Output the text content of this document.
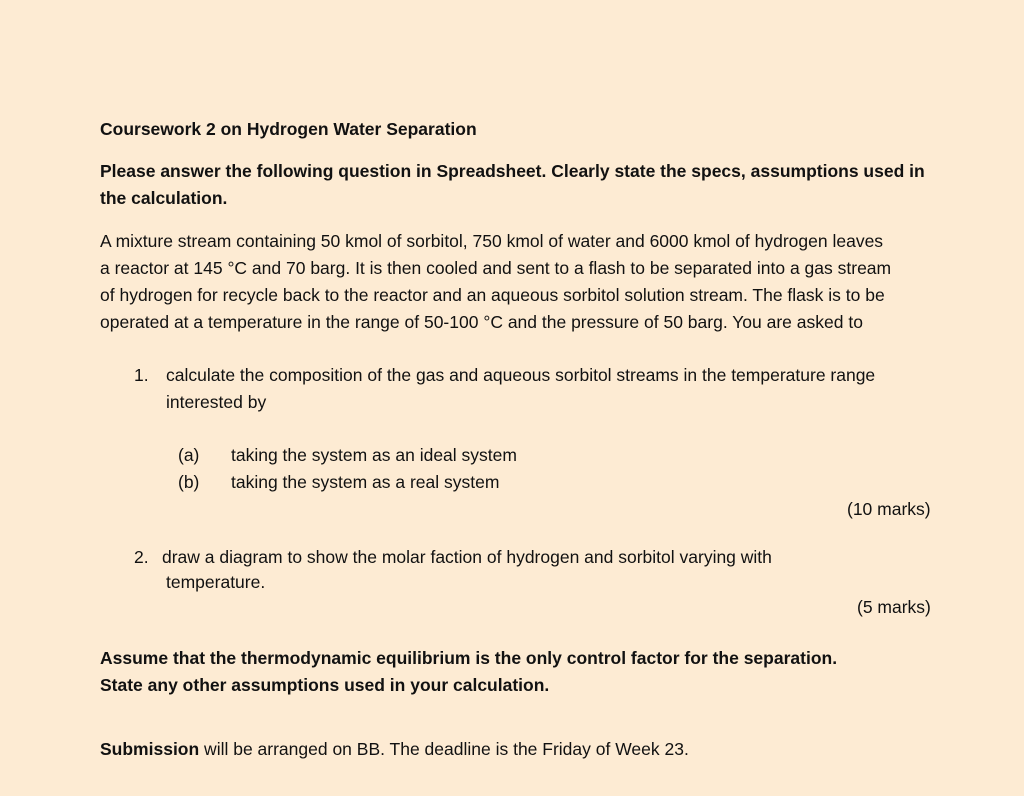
Coursework 2 on Hydrogen Water Separation
Please answer the following question in Spreadsheet. Clearly state the specs, assumptions used in
the calculation.
A mixture stream containing 50 kmol of sorbitol, 750 kmol of water and 6000 kmol of hydrogen leaves
a reactor at 145 °C and 70 barg. It is then cooled and sent to a flash to be separated into a gas stream
of hydrogen for recycle back to the reactor and an aqueous sorbitol solution stream. The flask is to be
operated at a temperature in the range of 50-100 °C and the pressure of 50 barg. You are asked to
1. calculate the composition of the gas and aqueous sorbitol streams in the temperature range
interested by
(a) taking the system as an ideal system
(b) taking the system as a real system
(10 marks)
2. draw a diagram to show the molar faction of hydrogen and sorbitol varying with
temperature.
(5 marks)
Assume that the thermodynamic equilibrium is the only control factor for the separation.
State any other assumptions used in your calculation.
Submission will be arranged on BB. The deadline is the Friday of Week 23.
